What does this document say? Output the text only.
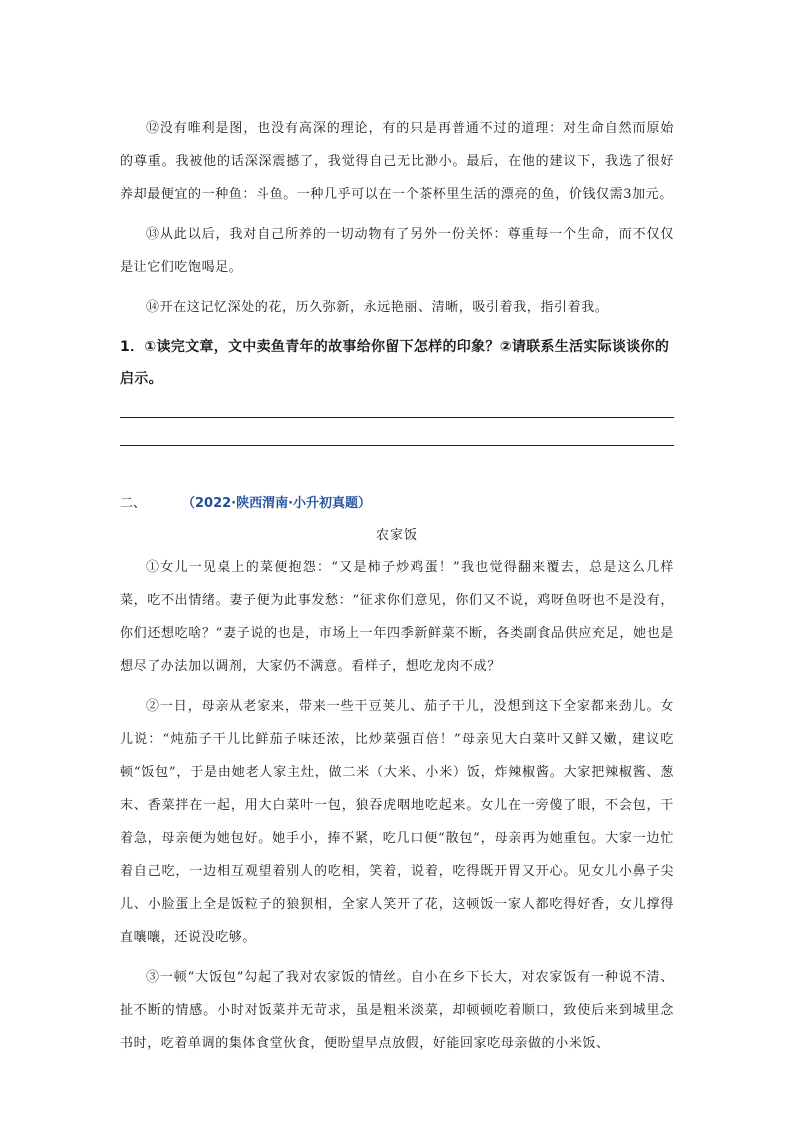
⑫没有唯利是图，也没有高深的理论，有的只是再普通不过的道理：对生命自然而原始的尊重。我被他的话深深震撼了，我觉得自己无比渺小。最后，在他的建议下，我选了很好养却最便宜的一种鱼：斗鱼。一种几乎可以在一个茶杯里生活的漂亮的鱼，价钱仅需3加元。

⑬从此以后，我对自己所养的一切动物有了另外一份关怀：尊重每一个生命，而不仅仅是让它们吃饱喝足。

⑭开在这记忆深处的花，历久弥新，永远艳丽、清晰，吸引着我，指引着我。

1．①读完文章，文中卖鱼青年的故事给你留下怎样的印象？②请联系生活实际谈谈你的启示。

二、	（2022·陕西渭南·小升初真题）
农家饭

①女儿一见桌上的菜便抱怨：“又是柿子炒鸡蛋！”我也觉得翻来覆去，总是这么几样菜，吃不出情绪。妻子便为此事发愁：“征求你们意见，你们又不说，鸡呀鱼呀也不是没有，你们还想吃啥？”妻子说的也是，市场上一年四季新鲜菜不断，各类副食品供应充足，她也是想尽了办法加以调剂，大家仍不满意。看样子，想吃龙肉不成？

②一日，母亲从老家来，带来一些干豆荚儿、茄子干儿，没想到这下全家都来劲儿。女儿说：“炖茄子干儿比鲜茄子味还浓，比炒菜强百倍！”母亲见大白菜叶又鲜又嫩，建议吃顿“饭包”，于是由她老人家主灶，做二米（大米、小米）饭，炸辣椒酱。大家把辣椒酱、葱末、香菜拌在一起，用大白菜叶一包，狼吞虎咽地吃起来。女儿在一旁傻了眼，不会包，干着急，母亲便为她包好。她手小，捧不紧，吃几口便“散包”，母亲再为她重包。大家一边忙着自己吃，一边相互观望着别人的吃相，笑着，说着，吃得既开胃又开心。见女儿小鼻子尖儿、小脸蛋上全是饭粒子的狼狈相，全家人笑开了花，这顿饭一家人都吃得好香，女儿撑得直嚷嚷，还说没吃够。

③一顿“大饭包”勾起了我对农家饭的情丝。自小在乡下长大，对农家饭有一种说不清、扯不断的情感。小时对饭菜并无苛求，虽是粗米淡菜，却顿顿吃着顺口，致使后来到城里念书时，吃着单调的集体食堂伙食，便盼望早点放假，好能回家吃母亲做的小米饭、
